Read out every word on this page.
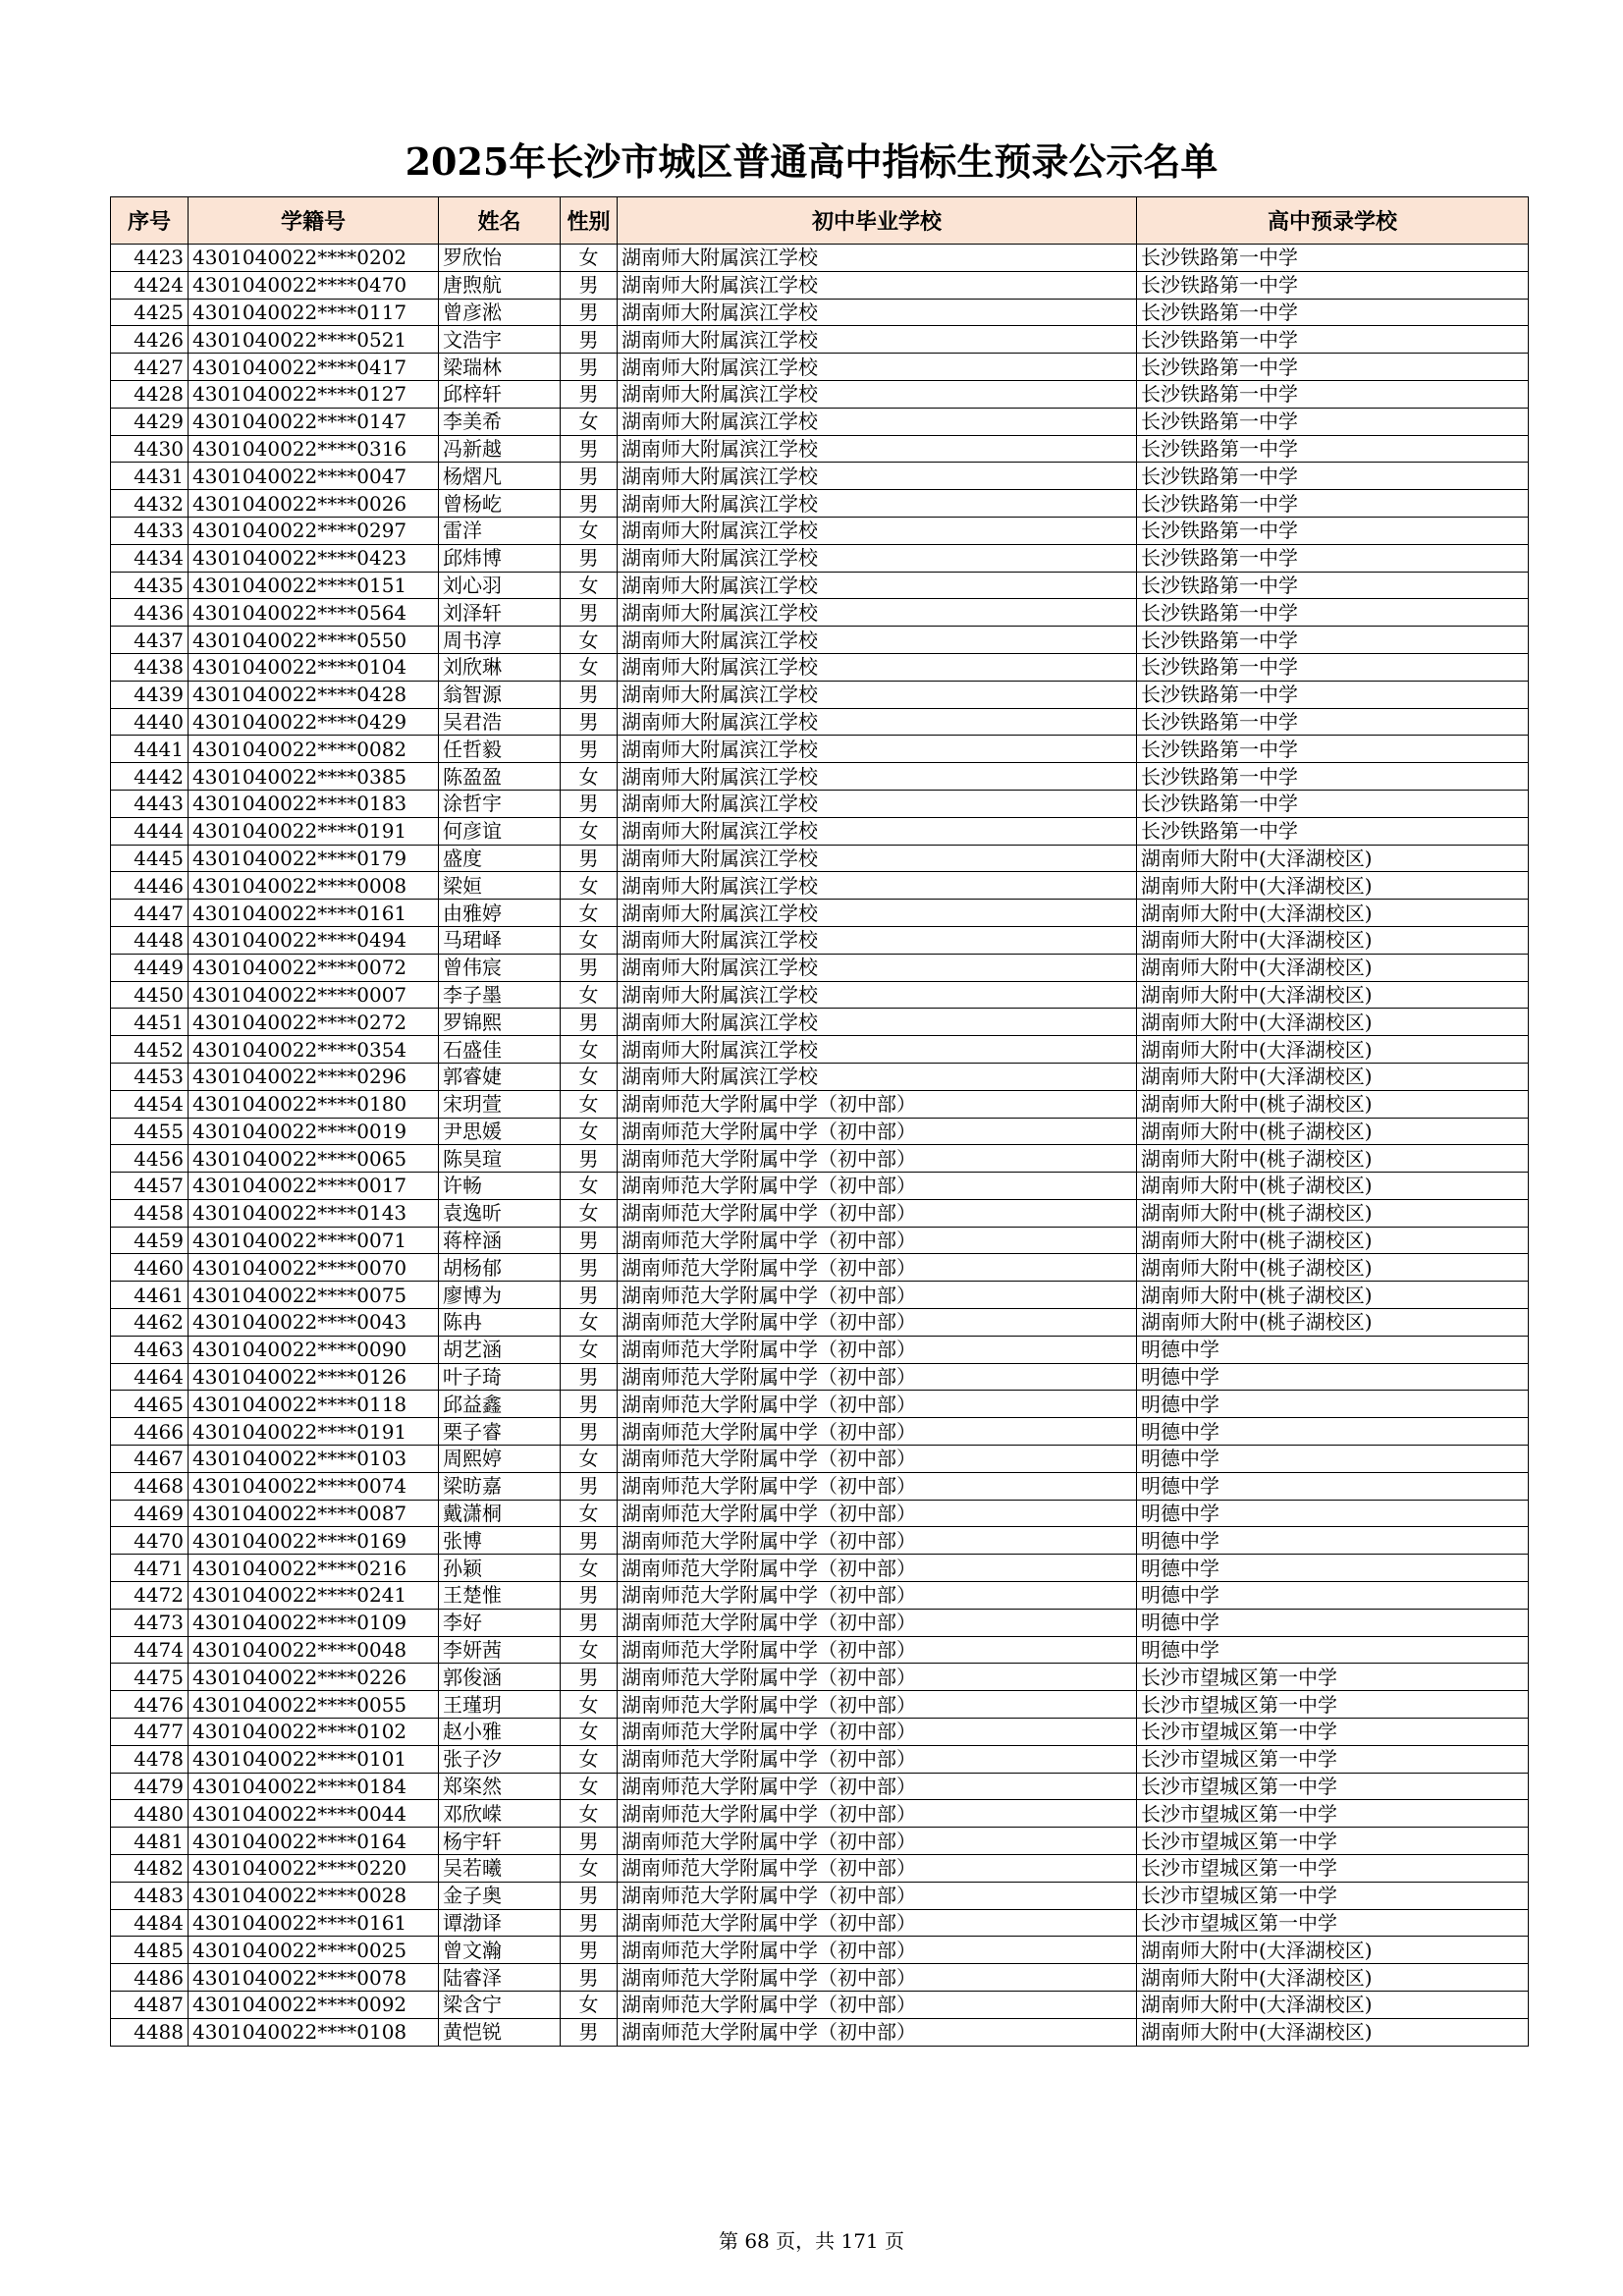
2025年长沙市城区普通高中指标生预录公示名单
序号	学籍号	姓名	性别	初中毕业学校	高中预录学校
4423	4301040022****0202	罗欣怡	女	湖南师大附属滨江学校	长沙铁路第一中学
4424	4301040022****0470	唐煦航	男	湖南师大附属滨江学校	长沙铁路第一中学
4425	4301040022****0117	曾彦淞	男	湖南师大附属滨江学校	长沙铁路第一中学
4426	4301040022****0521	文浩宇	男	湖南师大附属滨江学校	长沙铁路第一中学
4427	4301040022****0417	梁瑞林	男	湖南师大附属滨江学校	长沙铁路第一中学
4428	4301040022****0127	邱梓轩	男	湖南师大附属滨江学校	长沙铁路第一中学
4429	4301040022****0147	李美希	女	湖南师大附属滨江学校	长沙铁路第一中学
4430	4301040022****0316	冯新越	男	湖南师大附属滨江学校	长沙铁路第一中学
4431	4301040022****0047	杨熠凡	男	湖南师大附属滨江学校	长沙铁路第一中学
4432	4301040022****0026	曾杨屹	男	湖南师大附属滨江学校	长沙铁路第一中学
4433	4301040022****0297	雷洋	女	湖南师大附属滨江学校	长沙铁路第一中学
4434	4301040022****0423	邱炜博	男	湖南师大附属滨江学校	长沙铁路第一中学
4435	4301040022****0151	刘心羽	女	湖南师大附属滨江学校	长沙铁路第一中学
4436	4301040022****0564	刘泽轩	男	湖南师大附属滨江学校	长沙铁路第一中学
4437	4301040022****0550	周书淳	女	湖南师大附属滨江学校	长沙铁路第一中学
4438	4301040022****0104	刘欣琳	女	湖南师大附属滨江学校	长沙铁路第一中学
4439	4301040022****0428	翁智源	男	湖南师大附属滨江学校	长沙铁路第一中学
4440	4301040022****0429	吴君浩	男	湖南师大附属滨江学校	长沙铁路第一中学
4441	4301040022****0082	任哲毅	男	湖南师大附属滨江学校	长沙铁路第一中学
4442	4301040022****0385	陈盈盈	女	湖南师大附属滨江学校	长沙铁路第一中学
4443	4301040022****0183	涂哲宇	男	湖南师大附属滨江学校	长沙铁路第一中学
4444	4301040022****0191	何彦谊	女	湖南师大附属滨江学校	长沙铁路第一中学
4445	4301040022****0179	盛度	男	湖南师大附属滨江学校	湖南师大附中(大泽湖校区)
4446	4301040022****0008	梁姮	女	湖南师大附属滨江学校	湖南师大附中(大泽湖校区)
4447	4301040022****0161	由雅婷	女	湖南师大附属滨江学校	湖南师大附中(大泽湖校区)
4448	4301040022****0494	马珺峄	女	湖南师大附属滨江学校	湖南师大附中(大泽湖校区)
4449	4301040022****0072	曾伟宸	男	湖南师大附属滨江学校	湖南师大附中(大泽湖校区)
4450	4301040022****0007	李子墨	女	湖南师大附属滨江学校	湖南师大附中(大泽湖校区)
4451	4301040022****0272	罗锦熙	男	湖南师大附属滨江学校	湖南师大附中(大泽湖校区)
4452	4301040022****0354	石盛佳	女	湖南师大附属滨江学校	湖南师大附中(大泽湖校区)
4453	4301040022****0296	郭睿婕	女	湖南师大附属滨江学校	湖南师大附中(大泽湖校区)
4454	4301040022****0180	宋玥萱	女	湖南师范大学附属中学（初中部）	湖南师大附中(桃子湖校区)
4455	4301040022****0019	尹思媛	女	湖南师范大学附属中学（初中部）	湖南师大附中(桃子湖校区)
4456	4301040022****0065	陈昊瑄	男	湖南师范大学附属中学（初中部）	湖南师大附中(桃子湖校区)
4457	4301040022****0017	许畅	女	湖南师范大学附属中学（初中部）	湖南师大附中(桃子湖校区)
4458	4301040022****0143	袁逸昕	女	湖南师范大学附属中学（初中部）	湖南师大附中(桃子湖校区)
4459	4301040022****0071	蒋梓涵	男	湖南师范大学附属中学（初中部）	湖南师大附中(桃子湖校区)
4460	4301040022****0070	胡杨郁	男	湖南师范大学附属中学（初中部）	湖南师大附中(桃子湖校区)
4461	4301040022****0075	廖博为	男	湖南师范大学附属中学（初中部）	湖南师大附中(桃子湖校区)
4462	4301040022****0043	陈冉	女	湖南师范大学附属中学（初中部）	湖南师大附中(桃子湖校区)
4463	4301040022****0090	胡艺涵	女	湖南师范大学附属中学（初中部）	明德中学
4464	4301040022****0126	叶子琦	男	湖南师范大学附属中学（初中部）	明德中学
4465	4301040022****0118	邱益鑫	男	湖南师范大学附属中学（初中部）	明德中学
4466	4301040022****0191	栗子睿	男	湖南师范大学附属中学（初中部）	明德中学
4467	4301040022****0103	周熙婷	女	湖南师范大学附属中学（初中部）	明德中学
4468	4301040022****0074	梁昉嘉	男	湖南师范大学附属中学（初中部）	明德中学
4469	4301040022****0087	戴潇桐	女	湖南师范大学附属中学（初中部）	明德中学
4470	4301040022****0169	张博	男	湖南师范大学附属中学（初中部）	明德中学
4471	4301040022****0216	孙颖	女	湖南师范大学附属中学（初中部）	明德中学
4472	4301040022****0241	王楚惟	男	湖南师范大学附属中学（初中部）	明德中学
4473	4301040022****0109	李好	男	湖南师范大学附属中学（初中部）	明德中学
4474	4301040022****0048	李妍茜	女	湖南师范大学附属中学（初中部）	明德中学
4475	4301040022****0226	郭俊涵	男	湖南师范大学附属中学（初中部）	长沙市望城区第一中学
4476	4301040022****0055	王瑾玥	女	湖南师范大学附属中学（初中部）	长沙市望城区第一中学
4477	4301040022****0102	赵小雅	女	湖南师范大学附属中学（初中部）	长沙市望城区第一中学
4478	4301040022****0101	张子汐	女	湖南师范大学附属中学（初中部）	长沙市望城区第一中学
4479	4301040022****0184	郑栥然	女	湖南师范大学附属中学（初中部）	长沙市望城区第一中学
4480	4301040022****0044	邓欣嵘	女	湖南师范大学附属中学（初中部）	长沙市望城区第一中学
4481	4301040022****0164	杨宇轩	男	湖南师范大学附属中学（初中部）	长沙市望城区第一中学
4482	4301040022****0220	吴若曦	女	湖南师范大学附属中学（初中部）	长沙市望城区第一中学
4483	4301040022****0028	金子奥	男	湖南师范大学附属中学（初中部）	长沙市望城区第一中学
4484	4301040022****0161	谭渤译	男	湖南师范大学附属中学（初中部）	长沙市望城区第一中学
4485	4301040022****0025	曾文瀚	男	湖南师范大学附属中学（初中部）	湖南师大附中(大泽湖校区)
4486	4301040022****0078	陆睿泽	男	湖南师范大学附属中学（初中部）	湖南师大附中(大泽湖校区)
4487	4301040022****0092	梁含宁	女	湖南师范大学附属中学（初中部）	湖南师大附中(大泽湖校区)
4488	4301040022****0108	黄恺锐	男	湖南师范大学附属中学（初中部）	湖南师大附中(大泽湖校区)
第 68 页，共 171 页
